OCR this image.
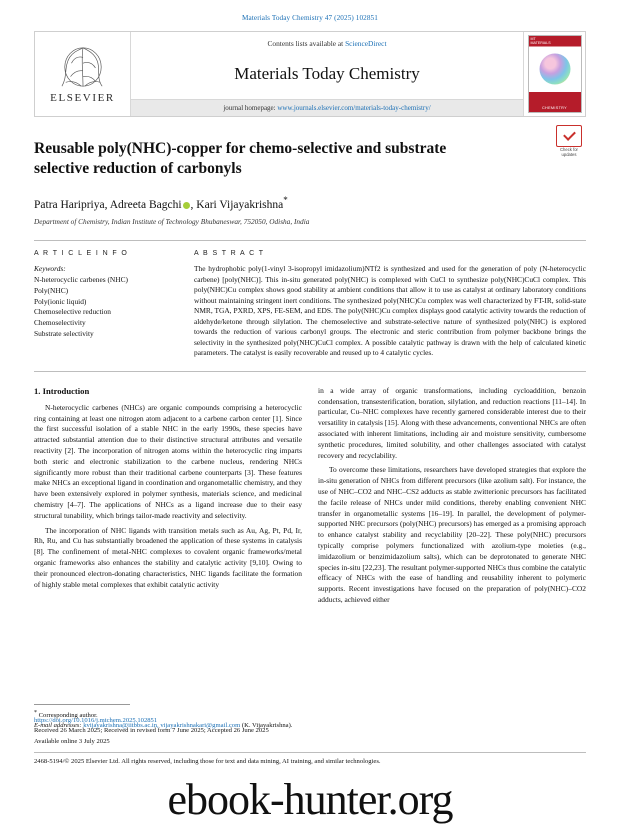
Materials Today Chemistry 47 (2025) 102851
ELSEVIER
Contents lists available at ScienceDirect
Materials Today Chemistry
journal homepage: www.journals.elsevier.com/materials-today-chemistry/
MT
MATERIALS
TODAY
CHEMISTRY
Check for updates
Reusable poly(NHC)-copper for chemo-selective and substrate selective reduction of carbonyls
Patra Haripriya, Adreeta Bagchi , Kari Vijayakrishna*
Department of Chemistry, Indian Institute of Technology Bhubaneswar, 752050, Odisha, India
A R T I C L E I N F O
Keywords:
N-heterocyclic carbenes (NHC)
Poly(NHC)
Poly(ionic liquid)
Chemoselective reduction
Chemoselectivity
Substrate selectivity
A B S T R A C T
The hydrophobic poly(1-vinyl 3-isopropyl imidazolium)NTf2 is synthesized and used for the generation of poly (N-heterocyclic carbene) [poly(NHC)]. This in-situ generated poly(NHC) is complexed with CuCl to synthesize poly(NHC)CuCl complex. This poly(NHC)Cu complex shows good stability at ambient conditions that allow it to use as catalyst at ordinary laboratory conditions without maintaining stringent inert conditions. The synthesized poly(NHC)Cu complex was well characterized by FT-IR, solid-state NMR, TGA, PXRD, XPS, FE-SEM, and EDS. The poly(NHC)Cu complex displays good catalytic activity towards the reduction of aldehyde/ketone through silylation. The chemoselective and substrate-selective nature of synthesized poly(NHC) is explored towards the reduction of various carbonyl groups. The electronic and steric contribution from polymer backbone brings the selectivity in the synthesized poly(NHC)CuCl complex. A possible catalytic pathway is drawn with the help of calculated kinetic parameters. The catalyst is easily recoverable and reused up to 4 catalytic cycles.
1. Introduction

N-heterocyclic carbenes (NHCs) are organic compounds comprising a heterocyclic ring containing at least one nitrogen atom adjacent to a carbene carbon center [1]. Since the first successful isolation of a stable NHC in the early 1990s, these species have attracted substantial attention due to their distinctive structural attributes and versatile reactivity [2]. The incorporation of nitrogen atoms within the heterocyclic ring imparts both steric and electronic stabilization to the carbene nucleus, rendering NHCs significantly more robust than their traditional carbene counterparts [3]. These features make NHCs an exceptional ligand in coordination and organometallic chemistry, and they have been extensively explored in polymer synthesis, materials science, and medicinal chemistry [4–7]. The applications of NHCs as a ligand increase due to their easy structural tunability, which brings tailor-made reactivity and selectivity.

The incorporation of NHC ligands with transition metals such as Au, Ag, Pt, Pd, Ir, Rh, Ru, and Cu has substantially broadened the application of these systems in catalysis [8]. The confinement of metal-NHC complexes to covalent organic frameworks/metal organic frameworks also enhances the stability and catalytic activity [9,10]. Owing to their pronounced electron-donating characteristics, NHC ligands facilitate the formation of highly stable metal complexes that exhibit catalytic activity

in a wide array of organic transformations, including cycloaddition, benzoin condensation, transesterification, boration, silylation, and reduction reactions [11–14]. In particular, Cu–NHC complexes have recently garnered considerable interest due to their versatility in catalysis [15]. Along with these advancements, conventional NHCs are often associated with inherent limitations, including air and moisture sensitivity, cumbersome synthetic procedures, limited solubility, and other challenges associated with catalyst recovery and recyclability.

To overcome these limitations, researchers have developed strategies that explore the in-situ generation of NHCs from different precursors (like azolium salt). For instance, the use of NHC–CO2 and NHC–CS2 adducts as stable zwitterionic precursors has facilitated the facile release of NHCs under mild conditions, thereby enabling convenient NHC transfer in organometallic systems [16–19]. In parallel, the development of polymer-supported NHC precursors (poly(NHC) precursors) has emerged as a promising approach to enhance catalyst stability and recyclability [20–22]. These poly(NHC) precursors typically comprise polymers functionalized with azolium-type moieties (e.g., imidazolium or benzimidazolium salts), which can be deprotonated to generate NHC species in-situ [22,23]. The resultant polymer-supported NHCs thus combine the catalytic efficacy of NHCs with the ease of handling and reusability inherent to polymeric supports. Recent investigations have focused on the preparation of poly(NHC)–CO2 adducts, achieved either

* Corresponding author.
E-mail addresses: kvijayakrishna@iitbbs.ac.in, vijayakrishnakari@gmail.com (K. Vijayakrishna).
https://doi.org/10.1016/j.mtchem.2025.102851
Received 26 March 2025; Received in revised form 7 June 2025; Accepted 26 June 2025
Available online 3 July 2025
2468-5194/© 2025 Elsevier Ltd. All rights reserved, including those for text and data mining, AI training, and similar technologies.
ebook-hunter.org
